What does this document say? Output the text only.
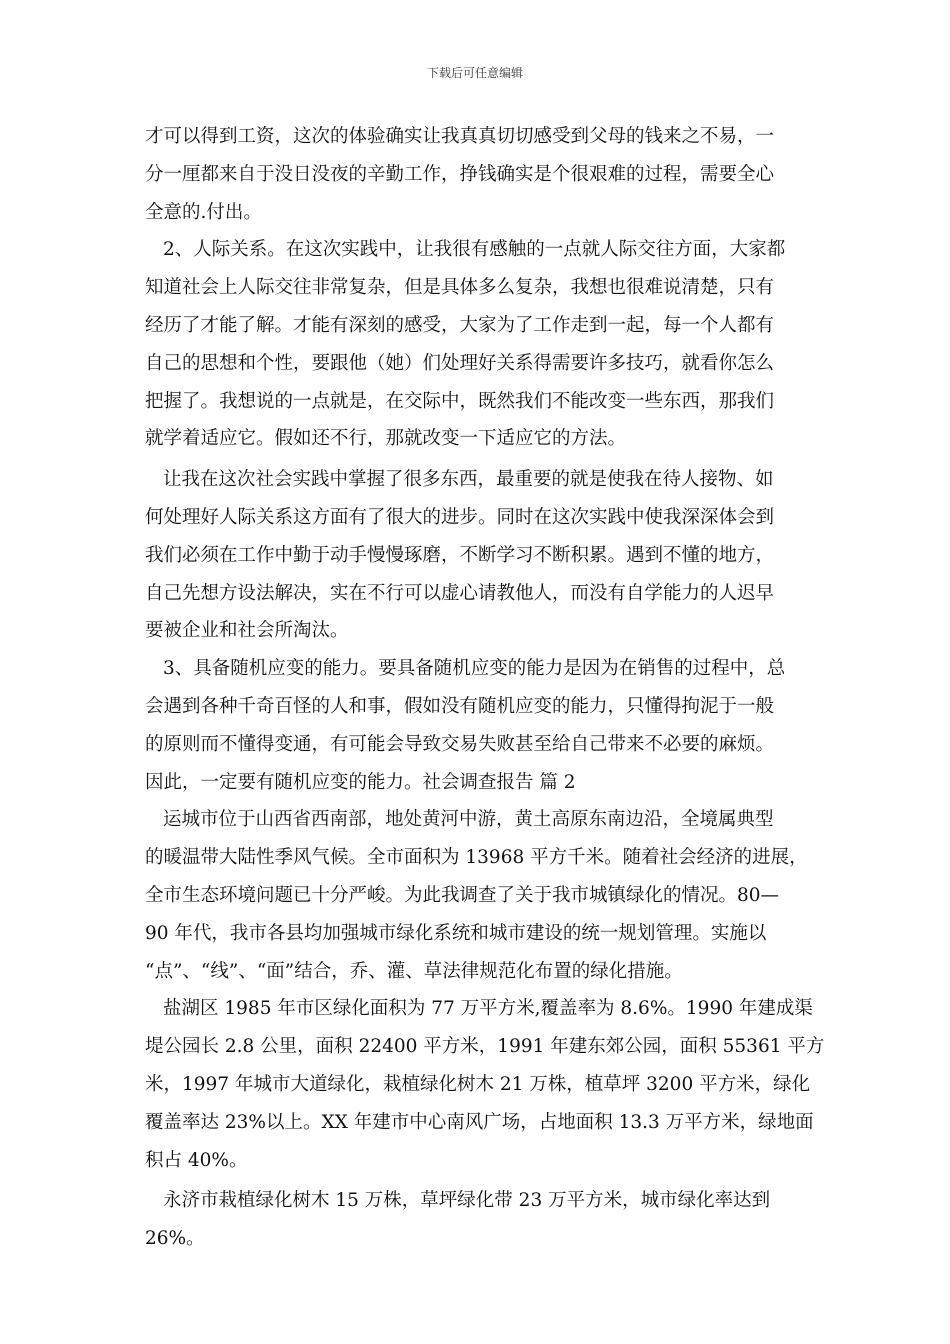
下载后可任意编辑
才可以得到工资，这次的体验确实让我真真切切感受到父母的钱来之不易，一
分一厘都来自于没日没夜的辛勤工作，挣钱确实是个很艰难的过程，需要全心
全意的.付出。
2、人际关系。在这次实践中，让我很有感触的一点就人际交往方面，大家都
知道社会上人际交往非常复杂，但是具体多么复杂，我想也很难说清楚，只有
经历了才能了解。才能有深刻的感受，大家为了工作走到一起，每一个人都有
自己的思想和个性，要跟他（她）们处理好关系得需要许多技巧，就看你怎么
把握了。我想说的一点就是，在交际中，既然我们不能改变一些东西，那我们
就学着适应它。假如还不行，那就改变一下适应它的方法。
让我在这次社会实践中掌握了很多东西，最重要的就是使我在待人接物、如
何处理好人际关系这方面有了很大的进步。同时在这次实践中使我深深体会到
我们必须在工作中勤于动手慢慢琢磨，不断学习不断积累。遇到不懂的地方，
自己先想方设法解决，实在不行可以虚心请教他人，而没有自学能力的人迟早
要被企业和社会所淘汰。
3、具备随机应变的能力。要具备随机应变的能力是因为在销售的过程中，总
会遇到各种千奇百怪的人和事，假如没有随机应变的能力，只懂得拘泥于一般
的原则而不懂得变通，有可能会导致交易失败甚至给自己带来不必要的麻烦。
因此，一定要有随机应变的能力。社会调查报告 篇 2
运城市位于山西省西南部，地处黄河中游，黄土高原东南边沿，全境属典型
的暖温带大陆性季风气候。全市面积为 13968 平方千米。随着社会经济的进展，
全市生态环境问题已十分严峻。为此我调查了关于我市城镇绿化的情况。80—
90 年代，我市各县均加强城市绿化系统和城市建设的统一规划管理。实施以
“点”、“线”、“面”结合，乔、灌、草法律规范化布置的绿化措施。
盐湖区 1985 年市区绿化面积为 77 万平方米,覆盖率为 8.6%。1990 年建成渠
堤公园长 2.8 公里，面积 22400 平方米，1991 年建东郊公园，面积 55361 平方
米，1997 年城市大道绿化，栽植绿化树木 21 万株，植草坪 3200 平方米，绿化
覆盖率达 23%以上。XX 年建市中心南风广场，占地面积 13.3 万平方米，绿地面
积占 40%。
永济市栽植绿化树木 15 万株，草坪绿化带 23 万平方米，城市绿化率达到
26%。
